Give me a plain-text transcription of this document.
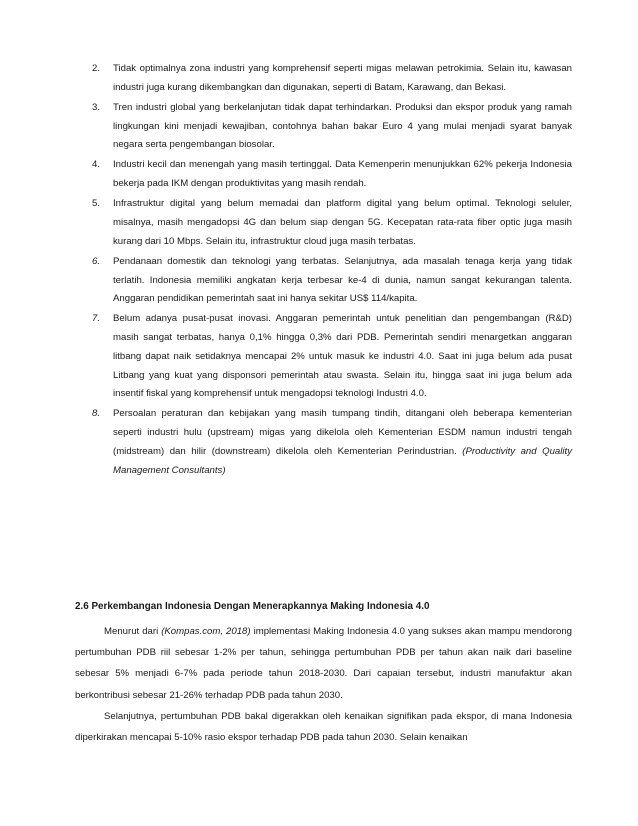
2. Tidak optimalnya zona industri yang komprehensif seperti migas melawan petrokimia. Selain itu, kawasan industri juga kurang dikembangkan dan digunakan, seperti di Batam, Karawang, dan Bekasi.
3. Tren industri global yang berkelanjutan tidak dapat terhindarkan. Produksi dan ekspor produk yang ramah lingkungan kini menjadi kewajiban, contohnya bahan bakar Euro 4 yang mulai menjadi syarat banyak negara serta pengembangan biosolar.
4. Industri kecil dan menengah yang masih tertinggal. Data Kemenperin menunjukkan 62% pekerja Indonesia bekerja pada IKM dengan produktivitas yang masih rendah.
5. Infrastruktur digital yang belum memadai dan platform digital yang belum optimal. Teknologi seluler, misalnya, masih mengadopsi 4G dan belum siap dengan 5G. Kecepatan rata-rata fiber optic juga masih kurang dari 10 Mbps. Selain itu, infrastruktur cloud juga masih terbatas.
6. Pendanaan domestik dan teknologi yang terbatas. Selanjutnya, ada masalah tenaga kerja yang tidak terlatih. Indonesia memiliki angkatan kerja terbesar ke-4 di dunia, namun sangat kekurangan talenta. Anggaran pendidikan pemerintah saat ini hanya sekitar US$ 114/kapita.
7. Belum adanya pusat-pusat inovasi. Anggaran pemerintah untuk penelitian dan pengembangan (R&D) masih sangat terbatas, hanya 0,1% hingga 0,3% dari PDB. Pemerintah sendiri menargetkan anggaran litbang dapat naik setidaknya mencapai 2% untuk masuk ke industri 4.0. Saat ini juga belum ada pusat Litbang yang kuat yang disponsori pemerintah atau swasta. Selain itu, hingga saat ini juga belum ada insentif fiskal yang komprehensif untuk mengadopsi teknologi Industri 4.0.
8. Persoalan peraturan dan kebijakan yang masih tumpang tindih, ditangani oleh beberapa kementerian seperti industri hulu (upstream) migas yang dikelola oleh Kementerian ESDM namun industri tengah (midstream) dan hilir (downstream) dikelola oleh Kementerian Perindustrian. (Productivity and Quality Management Consultants)
2.6 Perkembangan Indonesia Dengan Menerapkannya Making Indonesia 4.0

Menurut dari (Kompas.com, 2018) implementasi Making Indonesia 4.0 yang sukses akan mampu mendorong pertumbuhan PDB riil sebesar 1-2% per tahun, sehingga pertumbuhan PDB per tahun akan naik dari baseline sebesar 5% menjadi 6-7% pada periode tahun 2018-2030. Dari capaian tersebut, industri manufaktur akan berkontribusi sebesar 21-26% terhadap PDB pada tahun 2030.

Selanjutnya, pertumbuhan PDB bakal digerakkan oleh kenaikan signifikan pada ekspor, di mana Indonesia diperkirakan mencapai 5-10% rasio ekspor terhadap PDB pada tahun 2030. Selain kenaikan
